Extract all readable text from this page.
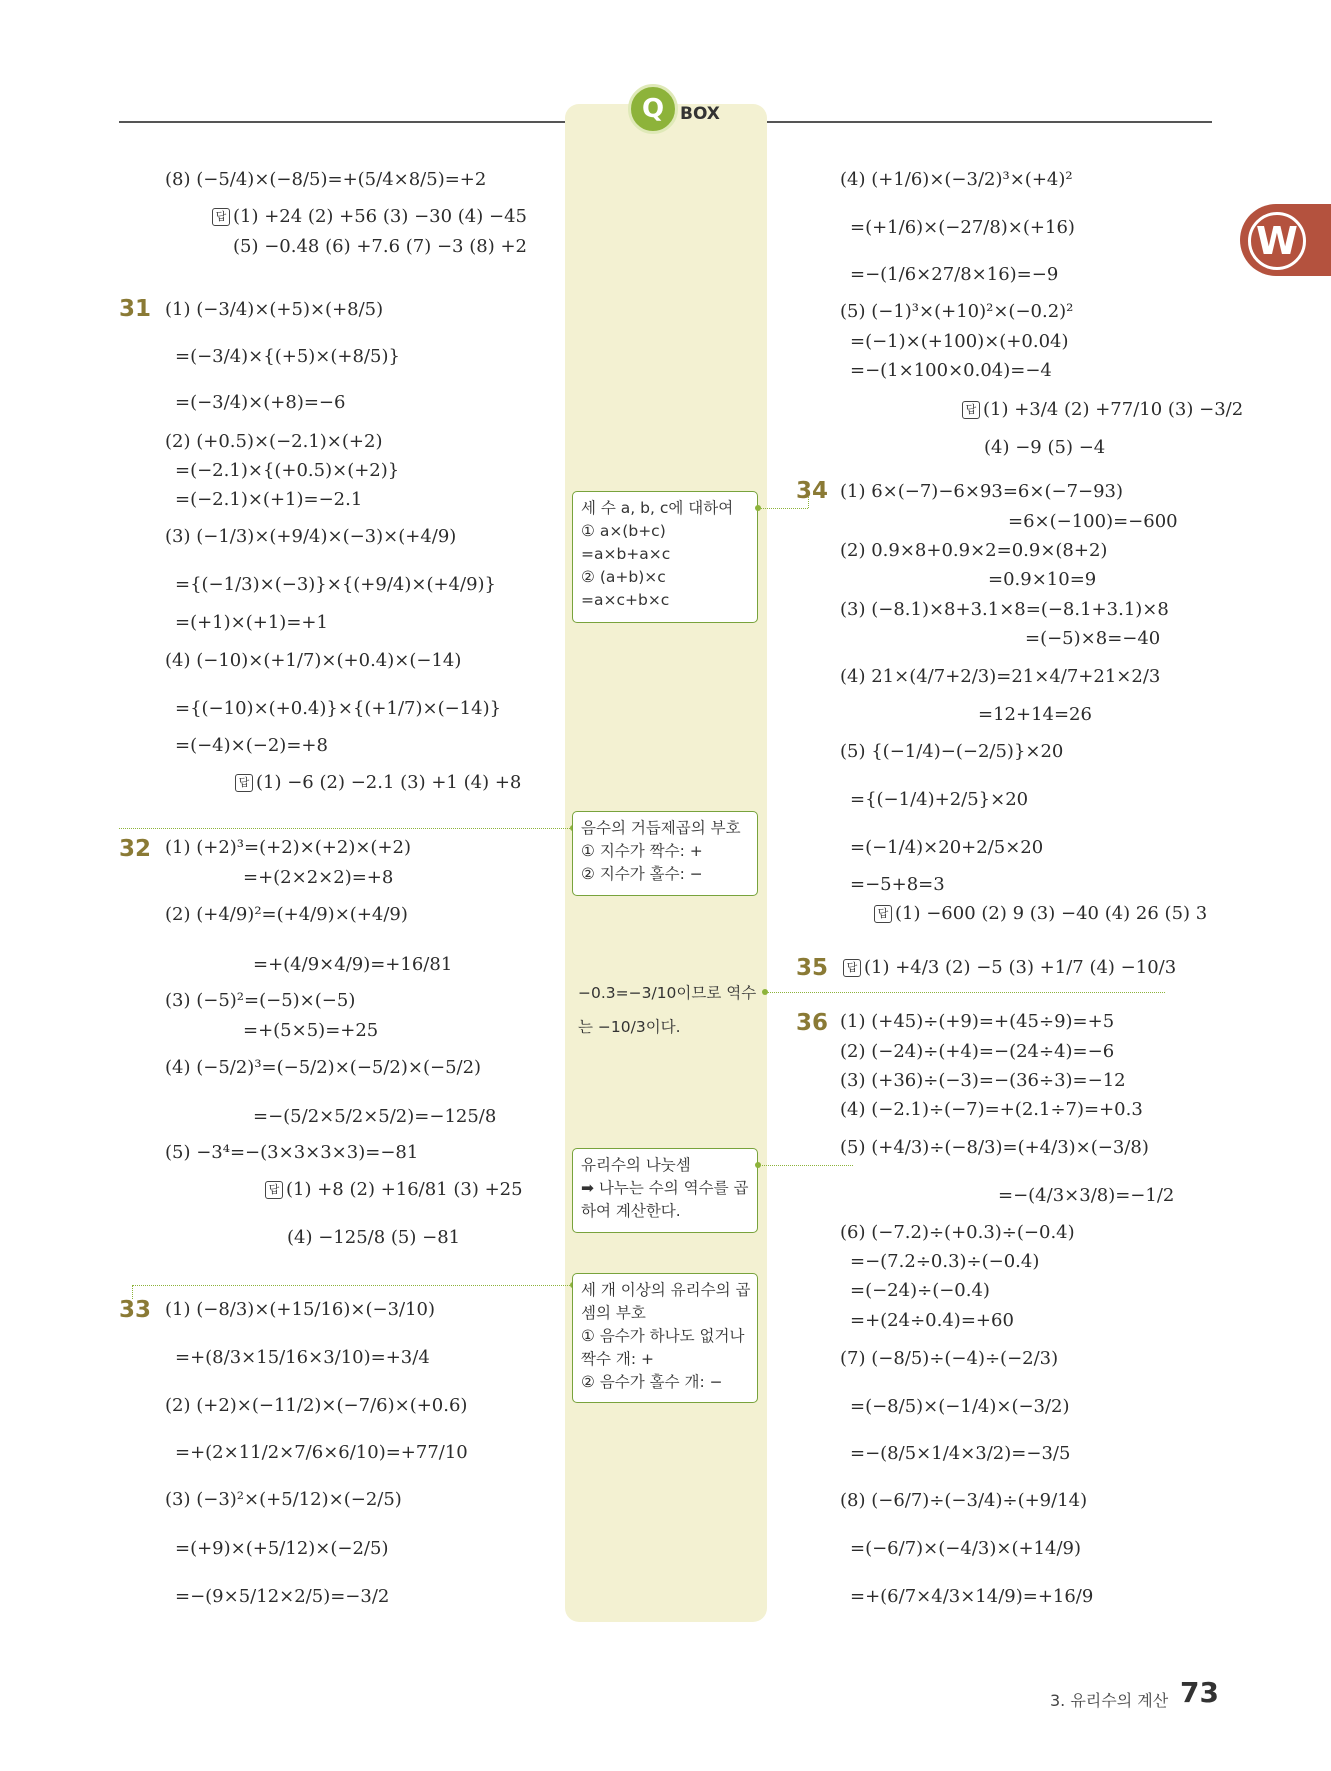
Q BOX
W
(8) (−5/4)×(−8/5)=+(5/4×8/5)=+2
답 (1) +24 (2) +56 (3) −30 (4) −45
(5) −0.48 (6) +7.6 (7) −3 (8) +2
31 (1) (−3/4)×(+5)×(+8/5)
=(−3/4)×{(+5)×(+8/5)}
=(−3/4)×(+8)=−6
(2) (+0.5)×(−2.1)×(+2)
=(−2.1)×{(+0.5)×(+2)}
=(−2.1)×(+1)=−2.1
(3) (−1/3)×(+9/4)×(−3)×(+4/9)
={(−1/3)×(−3)}×{(+9/4)×(+4/9)}
=(+1)×(+1)=+1
(4) (−10)×(+1/7)×(+0.4)×(−14)
={(−10)×(+0.4)}×{(+1/7)×(−14)}
=(−4)×(−2)=+8
답 (1) −6 (2) −2.1 (3) +1 (4) +8
32 (1) (+2)³=(+2)×(+2)×(+2)
=+(2×2×2)=+8
(2) (+4/9)²=(+4/9)×(+4/9)
=+(4/9×4/9)=+16/81
(3) (−5)²=(−5)×(−5)
=+(5×5)=+25
(4) (−5/2)³=(−5/2)×(−5/2)×(−5/2)
=−(5/2×5/2×5/2)=−125/8
(5) −3⁴=−(3×3×3×3)=−81
답 (1) +8 (2) +16/81 (3) +25
(4) −125/8 (5) −81
33 (1) (−8/3)×(+15/16)×(−3/10)
=+(8/3×15/16×3/10)=+3/4
(2) (+2)×(−11/2)×(−7/6)×(+0.6)
=+(2×11/2×7/6×6/10)=+77/10
(3) (−3)²×(+5/12)×(−2/5)
=(+9)×(+5/12)×(−2/5)
=−(9×5/12×2/5)=−3/2
세 수 a, b, c에 대하여
① a×(b+c)
=a×b+a×c
② (a+b)×c
=a×c+b×c
음수의 거듭제곱의 부호
① 지수가 짝수: +
② 지수가 홀수: −
−0.3=−3/10이므로 역수
는 −10/3이다.
유리수의 나눗셈
➡ 나누는 수의 역수를 곱
하여 계산한다.
세 개 이상의 유리수의 곱
셈의 부호
① 음수가 하나도 없거나
짝수 개: +
② 음수가 홀수 개: −
(4) (+1/6)×(−3/2)³×(+4)²
=(+1/6)×(−27/8)×(+16)
=−(1/6×27/8×16)=−9
(5) (−1)³×(+10)²×(−0.2)²
=(−1)×(+100)×(+0.04)
=−(1×100×0.04)=−4
답 (1) +3/4 (2) +77/10 (3) −3/2
(4) −9 (5) −4
34 (1) 6×(−7)−6×93=6×(−7−93)
=6×(−100)=−600
(2) 0.9×8+0.9×2=0.9×(8+2)
=0.9×10=9
(3) (−8.1)×8+3.1×8=(−8.1+3.1)×8
=(−5)×8=−40
(4) 21×(4/7+2/3)=21×4/7+21×2/3
=12+14=26
(5) {(−1/4)−(−2/5)}×20
={(−1/4)+2/5}×20
=(−1/4)×20+2/5×20
=−5+8=3
답 (1) −600 (2) 9 (3) −40 (4) 26 (5) 3
35	답 (1) +4/3 (2) −5 (3) +1/7 (4) −10/3
36 (1) (+45)÷(+9)=+(45÷9)=+5
(2) (−24)÷(+4)=−(24÷4)=−6
(3) (+36)÷(−3)=−(36÷3)=−12
(4) (−2.1)÷(−7)=+(2.1÷7)=+0.3
(5) (+4/3)÷(−8/3)=(+4/3)×(−3/8)
=−(4/3×3/8)=−1/2
(6) (−7.2)÷(+0.3)÷(−0.4)
=−(7.2÷0.3)÷(−0.4)
=(−24)÷(−0.4)
=+(24÷0.4)=+60
(7) (−8/5)÷(−4)÷(−2/3)
=(−8/5)×(−1/4)×(−3/2)
=−(8/5×1/4×3/2)=−3/5
(8) (−6/7)÷(−3/4)÷(+9/14)
=(−6/7)×(−4/3)×(+14/9)
=+(6/7×4/3×14/9)=+16/9
3. 유리수의 계산 73
